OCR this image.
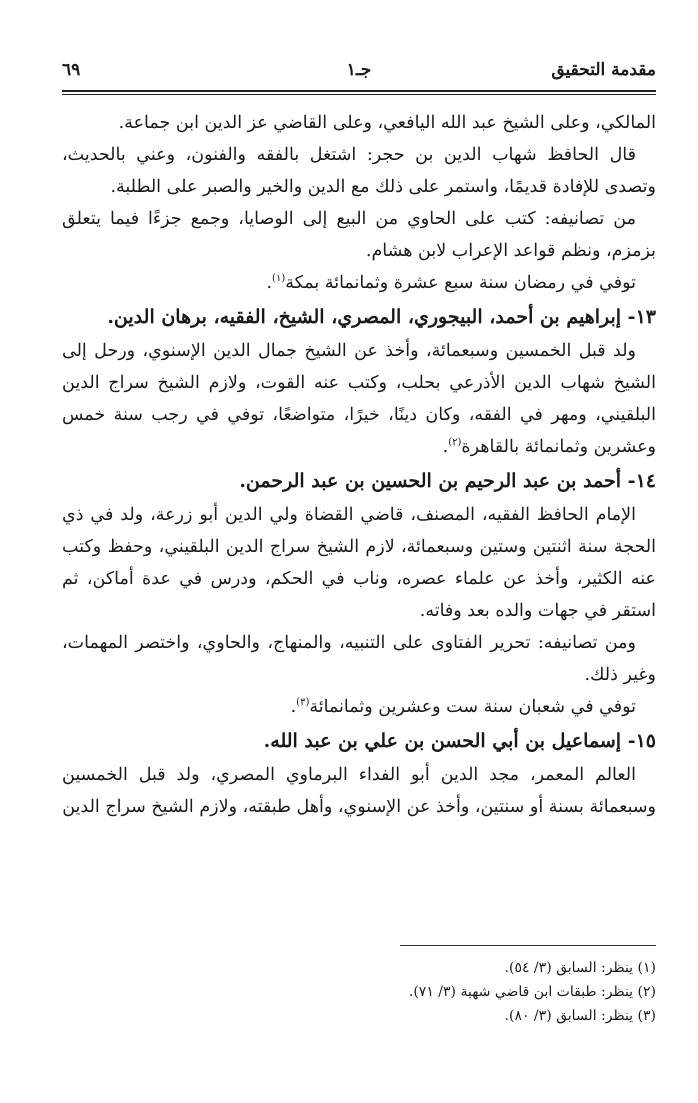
مقدمة التحقيق
جـ١
٦٩

المالكي، وعلى الشيخ عبد الله اليافعي، وعلى القاضي عز الدين ابن جماعة.

قال الحافظ شهاب الدين بن حجر: اشتغل بالفقه والفنون، وعني بالحديث، وتصدى للإفادة قديمًا، واستمر على ذلك مع الدين والخير والصبر على الطلبة.

من تصانيفه: كتب على الحاوي من البيع إلى الوصايا، وجمع جزءًا فيما يتعلق بزمزم، ونظم قواعد الإعراب لابن هشام.

توفي في رمضان سنة سبع عشرة وثمانمائة بمكة$^{(١)}$.

١٣- إبراهيم بن أحمد، البيجوري، المصري، الشيخ، الفقيه، برهان الدين.

ولد قبل الخمسين وسبعمائة، وأخذ عن الشيخ جمال الدين الإسنوي، ورحل إلى الشيخ شهاب الدين الأذرعي بحلب، وكتب عنه القوت، ولازم الشيخ سراج الدين البلقيني، ومهر في الفقه، وكان دينًا، خيرًا، متواضعًا، توفي في رجب سنة خمس وعشرين وثمانمائة بالقاهرة$^{(٢)}$.

١٤- أحمد بن عبد الرحيم بن الحسين بن عبد الرحمن.

الإمام الحافظ الفقيه، المصنف، قاضي القضاة ولي الدين أبو زرعة، ولد في ذي الحجة سنة اثنتين وستين وسبعمائة، لازم الشيخ سراج الدين البلقيني، وحفظ وكتب عنه الكثير، وأخذ عن علماء عصره، وناب في الحكم، ودرس في عدة أماكن، ثم استقر في جهات والده بعد وفاته.

ومن تصانيفه: تحرير الفتاوى على التنبيه، والمنهاج، والحاوي، واختصر المهمات، وغير ذلك.

توفي في شعبان سنة ست وعشرين وثمانمائة$^{(٣)}$.

١٥- إسماعيل بن أبي الحسن بن علي بن عبد الله.

العالم المعمر، مجد الدين أبو الفداء البرماوي المصري، ولد قبل الخمسين وسبعمائة بسنة أو سنتين، وأخذ عن الإسنوي، وأهل طبقته، ولازم الشيخ سراج الدين

(١) ينظر: السابق (٣/ ٥٤).
(٢) ينظر: طبقات ابن قاضي شهبة (٣/ ٧١).
(٣) ينظر: السابق (٣/ ٨٠).
